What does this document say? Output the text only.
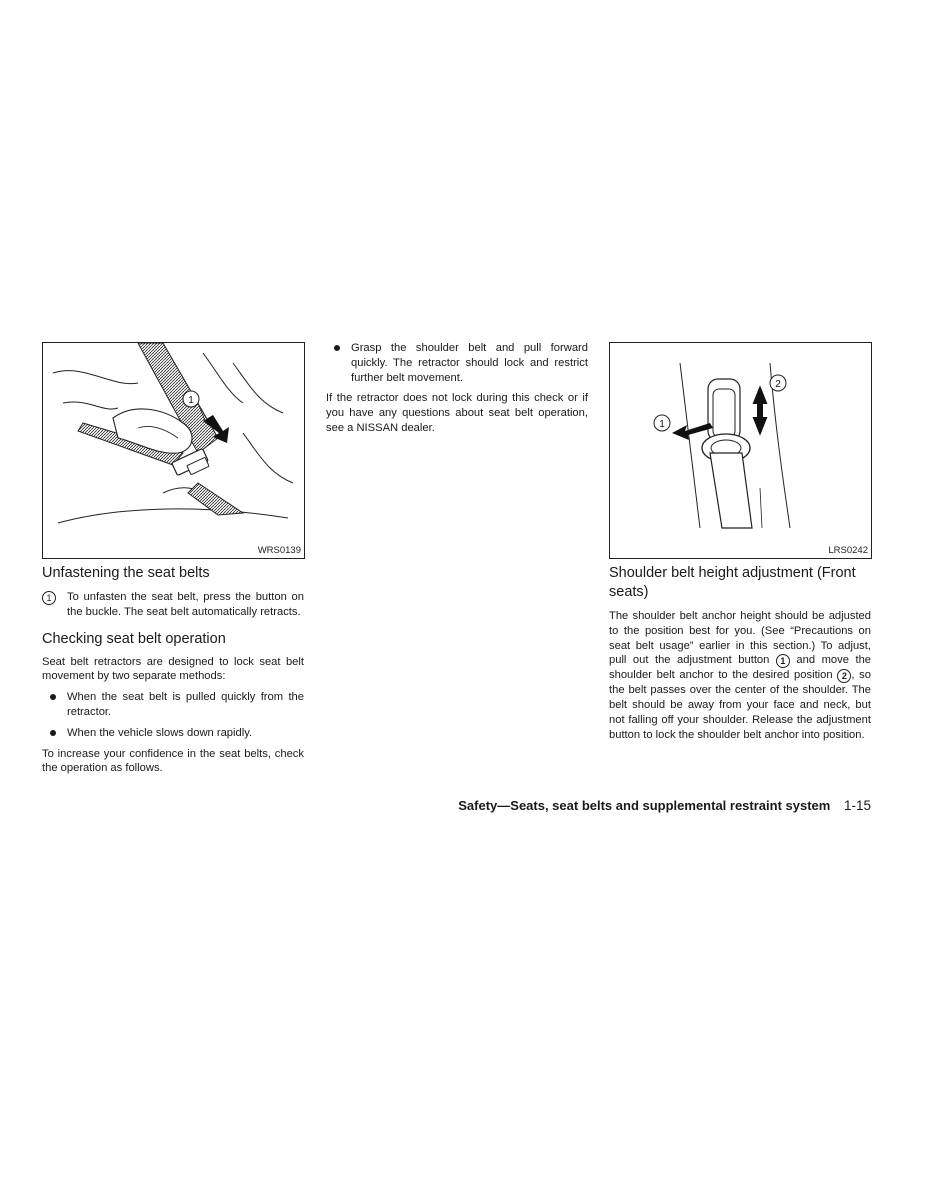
1
WRS0139
1
2
LRS0242
Unfastening the seat belts
1	To unfasten the seat belt, press the button on the buckle. The seat belt automatically retracts.
Checking seat belt operation

Seat belt retractors are designed to lock seat belt movement by two separate methods:

When the seat belt is pulled quickly from the retractor.
When the vehicle slows down rapidly.

To increase your confidence in the seat belts, check the operation as follows.

Grasp the shoulder belt and pull forward quickly. The retractor should lock and restrict further belt movement.

If the retractor does not lock during this check or if you have any questions about seat belt operation, see a NISSAN dealer.

Shoulder belt height adjustment (Front seats)

The shoulder belt anchor height should be adjusted to the position best for you. (See “Precautions on seat belt usage” earlier in this section.) To adjust, pull out the adjustment button 1 and move the shoulder belt anchor to the desired position 2 , so the belt passes over the center of the shoulder. The belt should be away from your face and neck, but not falling off your shoulder. Release the adjustment button to lock the shoulder belt anchor into position.

Safety—Seats, seat belts and supplemental restraint system 1-15
